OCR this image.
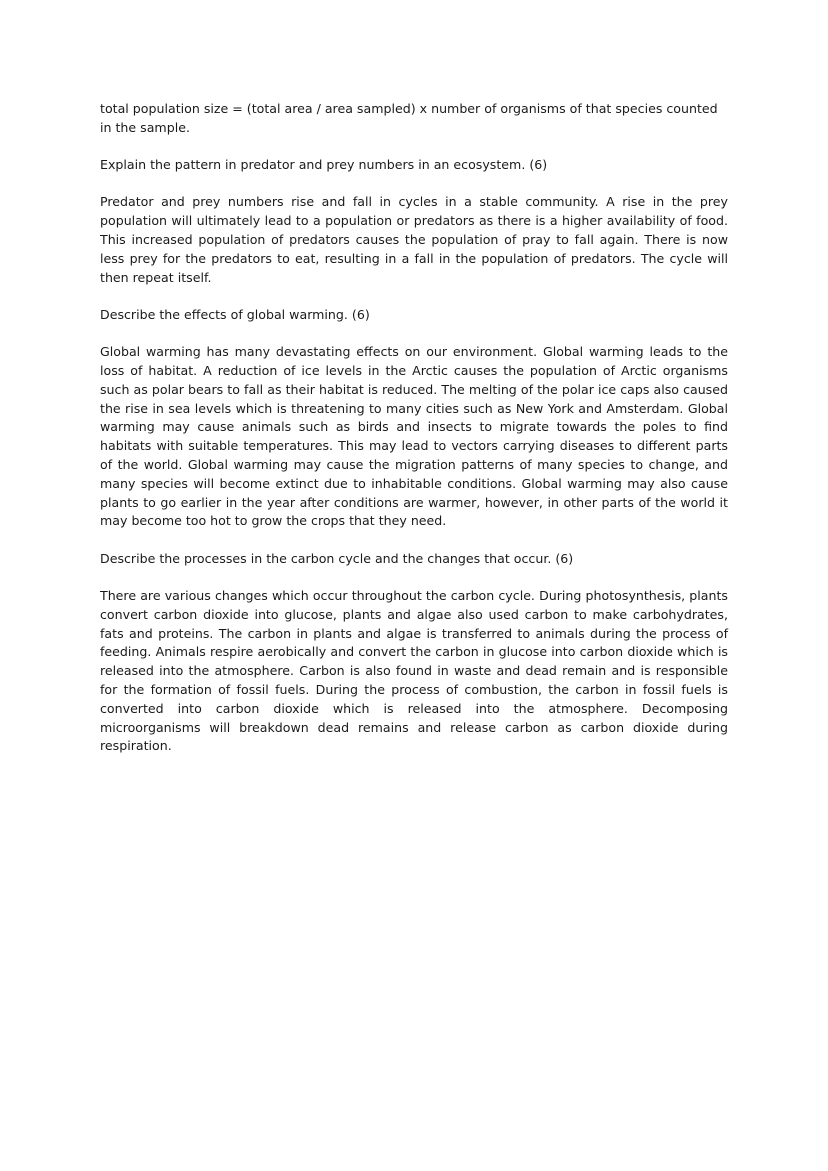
total population size = (total area / area sampled) x number of organisms of that species counted in the sample.

Explain the pattern in predator and prey numbers in an ecosystem. (6)

Predator and prey numbers rise and fall in cycles in a stable community. A rise in the prey population will ultimately lead to a population or predators as there is a higher availability of food. This increased population of predators causes the population of pray to fall again. There is now less prey for the predators to eat, resulting in a fall in the population of predators. The cycle will then repeat itself.

Describe the effects of global warming. (6)

Global warming has many devastating effects on our environment. Global warming leads to the loss of habitat. A reduction of ice levels in the Arctic causes the population of Arctic organisms such as polar bears to fall as their habitat is reduced. The melting of the polar ice caps also caused the rise in sea levels which is threatening to many cities such as New York and Amsterdam. Global warming may cause animals such as birds and insects to migrate towards the poles to find habitats with suitable temperatures. This may lead to vectors carrying diseases to different parts of the world. Global warming may cause the migration patterns of many species to change, and many species will become extinct due to inhabitable conditions. Global warming may also cause plants to go earlier in the year after conditions are warmer, however, in other parts of the world it may become too hot to grow the crops that they need.

Describe the processes in the carbon cycle and the changes that occur. (6)

There are various changes which occur throughout the carbon cycle. During photosynthesis, plants convert carbon dioxide into glucose, plants and algae also used carbon to make carbohydrates, fats and proteins. The carbon in plants and algae is transferred to animals during the process of feeding. Animals respire aerobically and convert the carbon in glucose into carbon dioxide which is released into the atmosphere. Carbon is also found in waste and dead remain and is responsible for the formation of fossil fuels. During the process of combustion, the carbon in fossil fuels is converted into carbon dioxide which is released into the atmosphere. Decomposing microorganisms will breakdown dead remains and release carbon as carbon dioxide during respiration.
